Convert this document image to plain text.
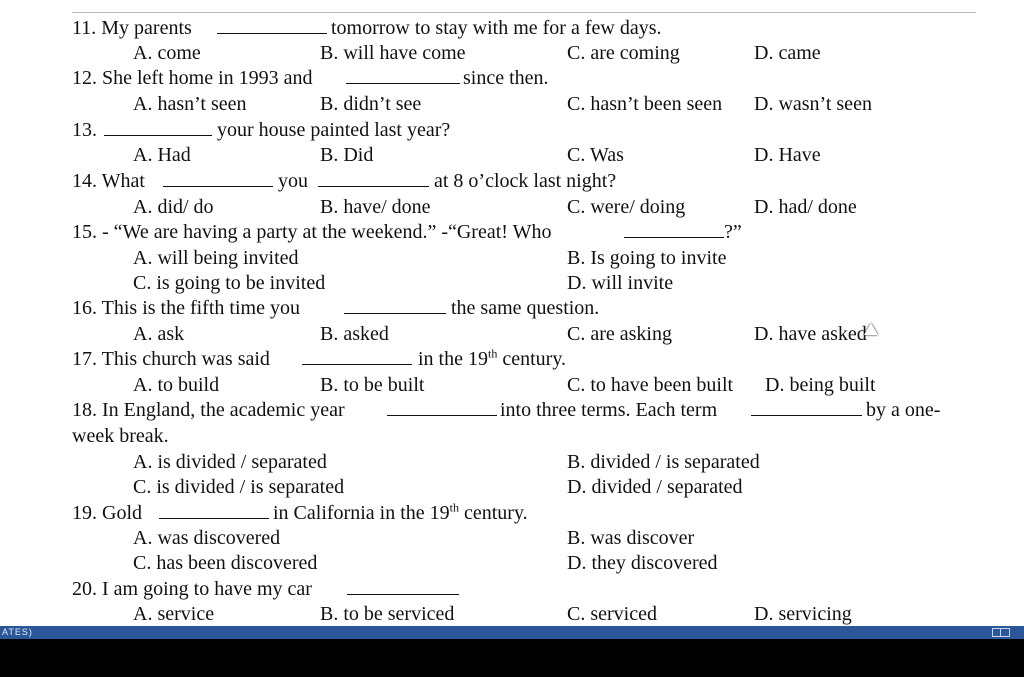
11. My parents	tomorrow to stay with me for a few days.
A. come	B. will have come	C. are coming	D. came
12. She left home in 1993 and	since then.
A. hasn’t seen	B. didn’t see	C. hasn’t been seen D. wasn’t seen
13.	your house painted last year?
A. Had	B. Did	C. Was	D. Have
14. What	you	at 8 o’clock last night?
A. did/ do	B. have/ done	C. were/ doing	D. had/ done
15. - “We are having a party at the weekend.” -“Great! Who	?”
A. will being invited	B. Is going to invite
C. is going to be invited	D. will invite
16. This is the fifth time you	the same question.
A. ask	B. asked	C. are asking	D. have asked
17. This church was said	in the 19th century.
A. to build	B. to be built	C. to have been built D. being built
18. In England, the academic year	into three terms. Each term	by a one-
week break.
A. is divided / separated	B. divided / is separated
C. is divided / is separated	D. divided / separated
19. Gold	in California in the 19th century.
A. was discovered	B. was discover
C. has been discovered	D. they discovered
20. I am going to have my car
A. service	B. to be serviced	C. serviced	D. servicing
ATES)
